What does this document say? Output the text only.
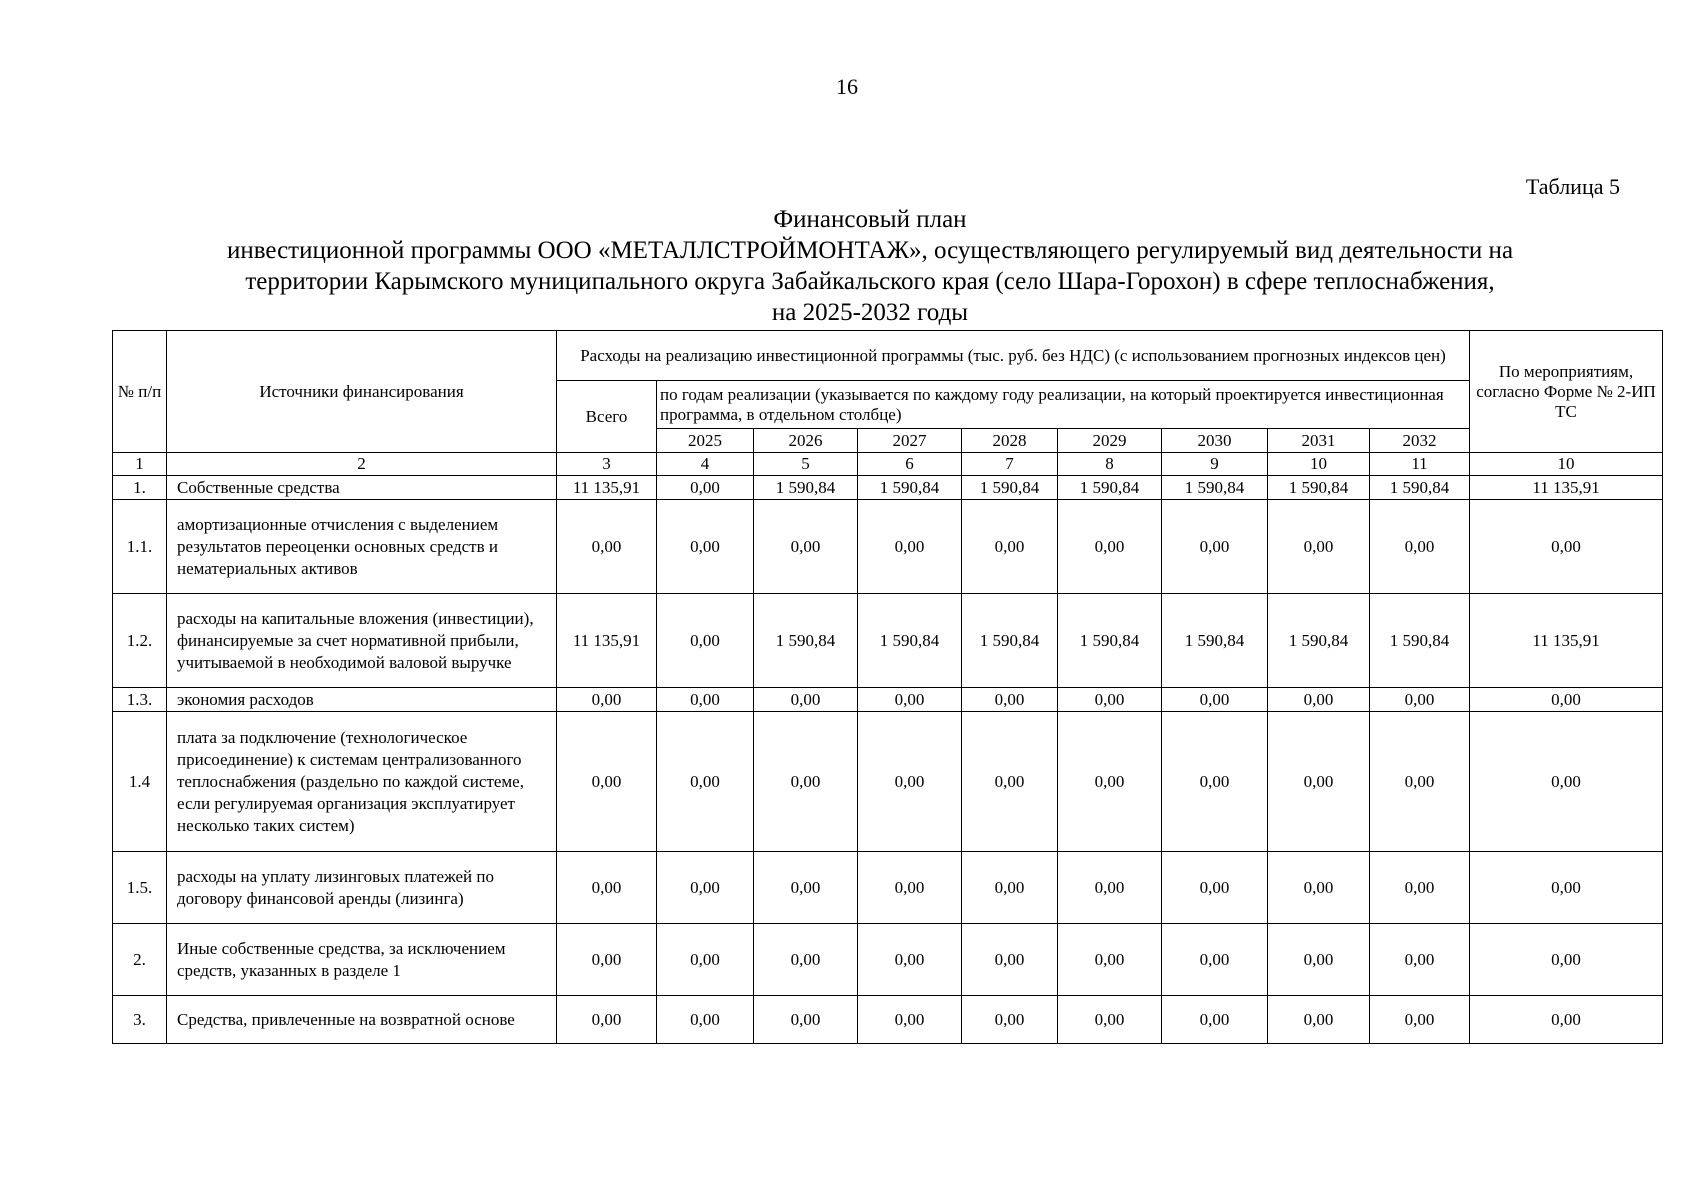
16
Таблица 5
Финансовый план
инвестиционной программы ООО «МЕТАЛЛСТРОЙМОНТАЖ», осуществляющего регулируемый вид деятельности на
территории Карымского муниципального округа Забайкальского края (село Шара-Горохон) в сфере теплоснабжения,
на 2025-2032 годы
№ п/п	Источники финансирования	Расходы на реализацию инвестиционной программы (тыс. руб. без НДС) (с использованием прогнозных индексов цен)									По мероприятиям, согласно Форме № 2-ИП ТС
		Всего	по годам реализации (указывается по каждому году реализации, на который проектируется инвестиционная программа, в отдельном столбце)								
			2025	2026	2027	2028	2029	2030	2031	2032	
1	2	3	4	5	6	7	8	9	10	11	10
1.	Собственные средства	11 135,91	0,00	1 590,84	1 590,84	1 590,84	1 590,84	1 590,84	1 590,84	1 590,84	11 135,91
1.1.	амортизационные отчисления с выделением результатов переоценки основных средств и нематериальных активов	0,00	0,00	0,00	0,00	0,00	0,00	0,00	0,00	0,00	0,00
1.2.	расходы на капитальные вложения (инвестиции), финансируемые за счет нормативной прибыли, учитываемой в необходимой валовой выручке	11 135,91	0,00	1 590,84	1 590,84	1 590,84	1 590,84	1 590,84	1 590,84	1 590,84	11 135,91
1.3.	экономия расходов	0,00	0,00	0,00	0,00	0,00	0,00	0,00	0,00	0,00	0,00
1.4	плата за подключение (технологическое присоединение) к системам централизованного теплоснабжения (раздельно по каждой системе, если регулируемая организация эксплуатирует несколько таких систем)	0,00	0,00	0,00	0,00	0,00	0,00	0,00	0,00	0,00	0,00
1.5.	расходы на уплату лизинговых платежей по договору финансовой аренды (лизинга)	0,00	0,00	0,00	0,00	0,00	0,00	0,00	0,00	0,00	0,00
2.	Иные собственные средства, за исключением средств, указанных в разделе 1	0,00	0,00	0,00	0,00	0,00	0,00	0,00	0,00	0,00	0,00
3.	Средства, привлеченные на возвратной основе	0,00	0,00	0,00	0,00	0,00	0,00	0,00	0,00	0,00	0,00
